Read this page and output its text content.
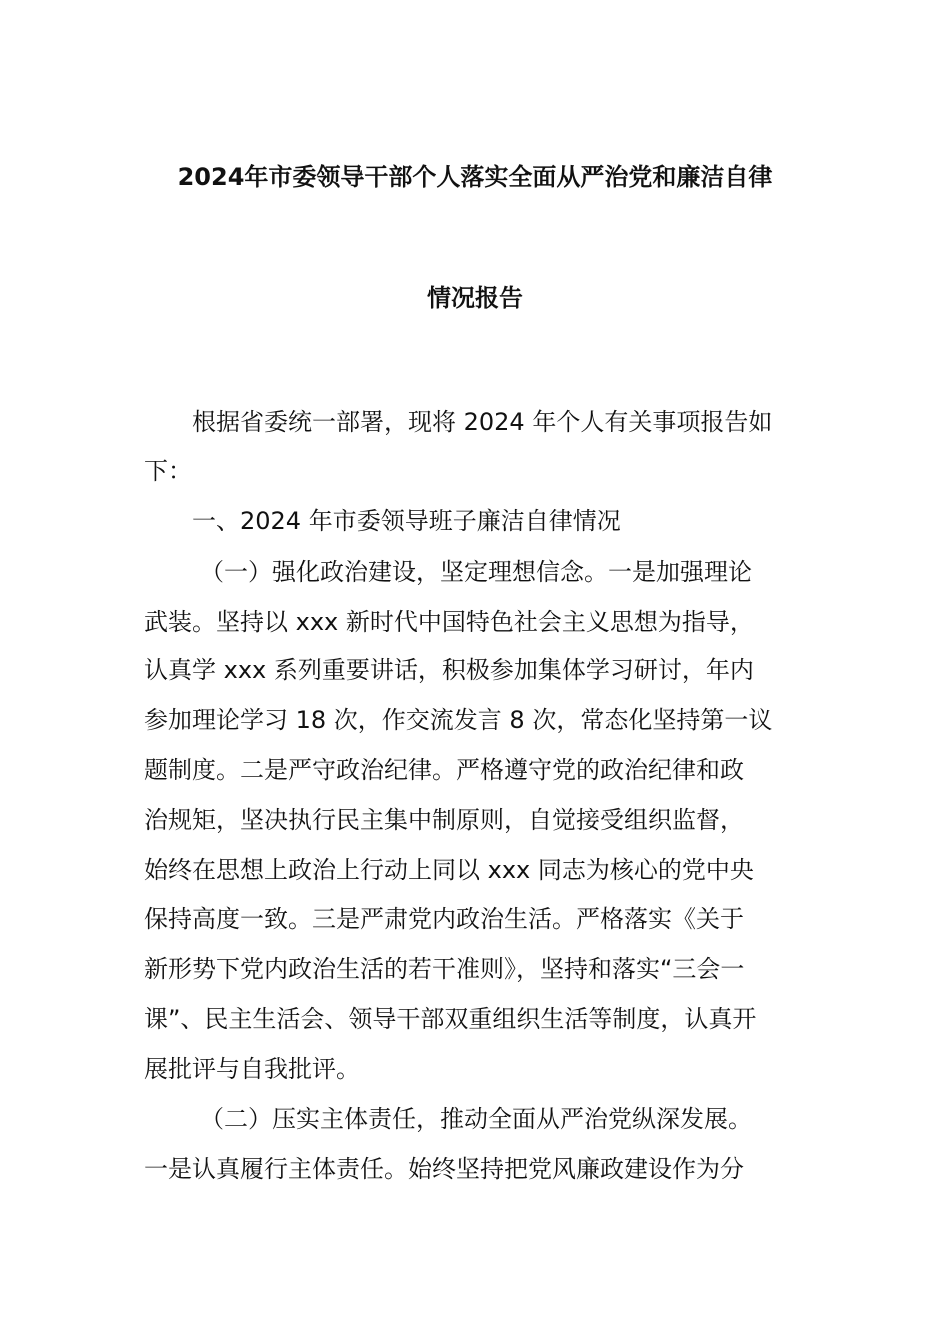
2024年市委领导干部个人落实全面从严治党和廉洁自律
情况报告

根据省委统一部署，现将 2024 年个人有关事项报告如

下：

一、2024 年市委领导班子廉洁自律情况

（一）强化政治建设，坚定理想信念。一是加强理论

武装。坚持以 xxx 新时代中国特色社会主义思想为指导，

认真学 xxx 系列重要讲话，积极参加集体学习研讨，年内

参加理论学习 18 次，作交流发言 8 次，常态化坚持第一议

题制度。二是严守政治纪律。严格遵守党的政治纪律和政

治规矩，坚决执行民主集中制原则，自觉接受组织监督，

始终在思想上政治上行动上同以 xxx 同志为核心的党中央

保持高度一致。三是严肃党内政治生活。严格落实《关于

新形势下党内政治生活的若干准则》，坚持和落实“三会一

课”、民主生活会、领导干部双重组织生活等制度，认真开

展批评与自我批评。

（二）压实主体责任，推动全面从严治党纵深发展。

一是认真履行主体责任。始终坚持把党风廉政建设作为分
